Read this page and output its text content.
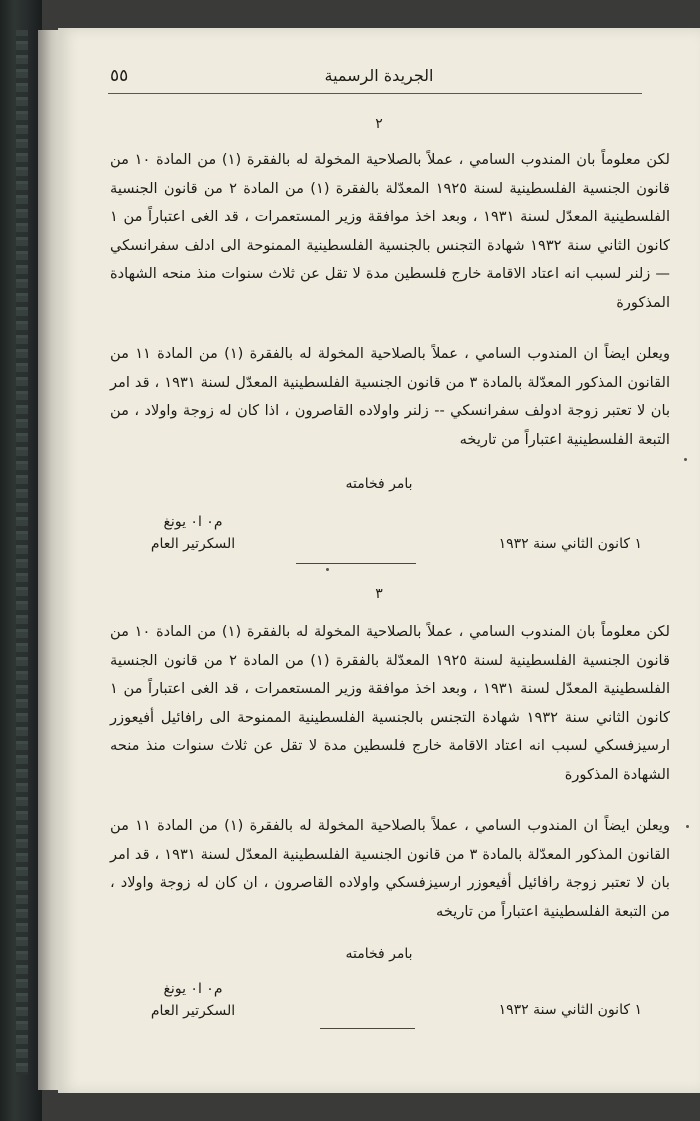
٥٥	الجريدة الرسمية
٢
لكن معلوماً بان المندوب السامي ، عملاً بالصلاحية المخولة له بالفقرة (١) من المادة ١٠ من قانون الجنسية الفلسطينية لسنة ١٩٢٥ المعدّلة بالفقرة (١) من المادة ٢ من قانون الجنسية الفلسطينية المعدّل لسنة ١٩٣١ ، وبعد اخذ موافقة وزير المستعمرات ، قد الغى اعتباراً من ١ كانون الثاني سنة ١٩٣٢ شهادة التجنس بالجنسية الفلسطينية الممنوحة الى ادلف سفرانسكي — زلنر لسبب انه اعتاد الاقامة خارج فلسطين مدة لا تقل عن ثلاث سنوات منذ منحه الشهادة المذكورة
ويعلن ايضاً ان المندوب السامي ، عملاً بالصلاحية المخولة له بالفقرة (١) من المادة ١١ من القانون المذكور المعدّلة بالمادة ٣ من قانون الجنسية الفلسطينية المعدّل لسنة ١٩٣١ ، قد امر بان لا تعتبر زوجة ادولف سفرانسكي -- زلنر واولاده القاصرون ، اذا كان له زوجة واولاد ، من التبعة الفلسطينية اعتباراً من تاريخه
بامر فخامته
م٠ ا٠ يونغ
السكرتير العام	١ كانون الثاني سنة ١٩٣٢
٣
لكن معلوماً بان المندوب السامي ، عملاً بالصلاحية المخولة له بالفقرة (١) من المادة ١٠ من قانون الجنسية الفلسطينية لسنة ١٩٢٥ المعدّلة بالفقرة (١) من المادة ٢ من قانون الجنسية الفلسطينية المعدّل لسنة ١٩٣١ ، وبعد اخذ موافقة وزير المستعمرات ، قد الغى اعتباراً من ١ كانون الثاني سنة ١٩٣٢ شهادة التجنس بالجنسية الفلسطينية الممنوحة الى رافائيل أفيعوزر ارسيزفسكي لسبب انه اعتاد الاقامة خارج فلسطين مدة لا تقل عن ثلاث سنوات منذ منحه الشهادة المذكورة
ويعلن ايضاً ان المندوب السامي ، عملاً بالصلاحية المخولة له بالفقرة (١) من المادة ١١ من القانون المذكور المعدّلة بالمادة ٣ من قانون الجنسية الفلسطينية المعدّل لسنة ١٩٣١ ، قد امر بان لا تعتبر زوجة رافائيل أفيعوزر ارسيزفسكي واولاده القاصرون ، ان كان له زوجة واولاد ، من التبعة الفلسطينية اعتباراً من تاريخه
بامر فخامته
م٠ ا٠ يونغ
السكرتير العام	١ كانون الثاني سنة ١٩٣٢
